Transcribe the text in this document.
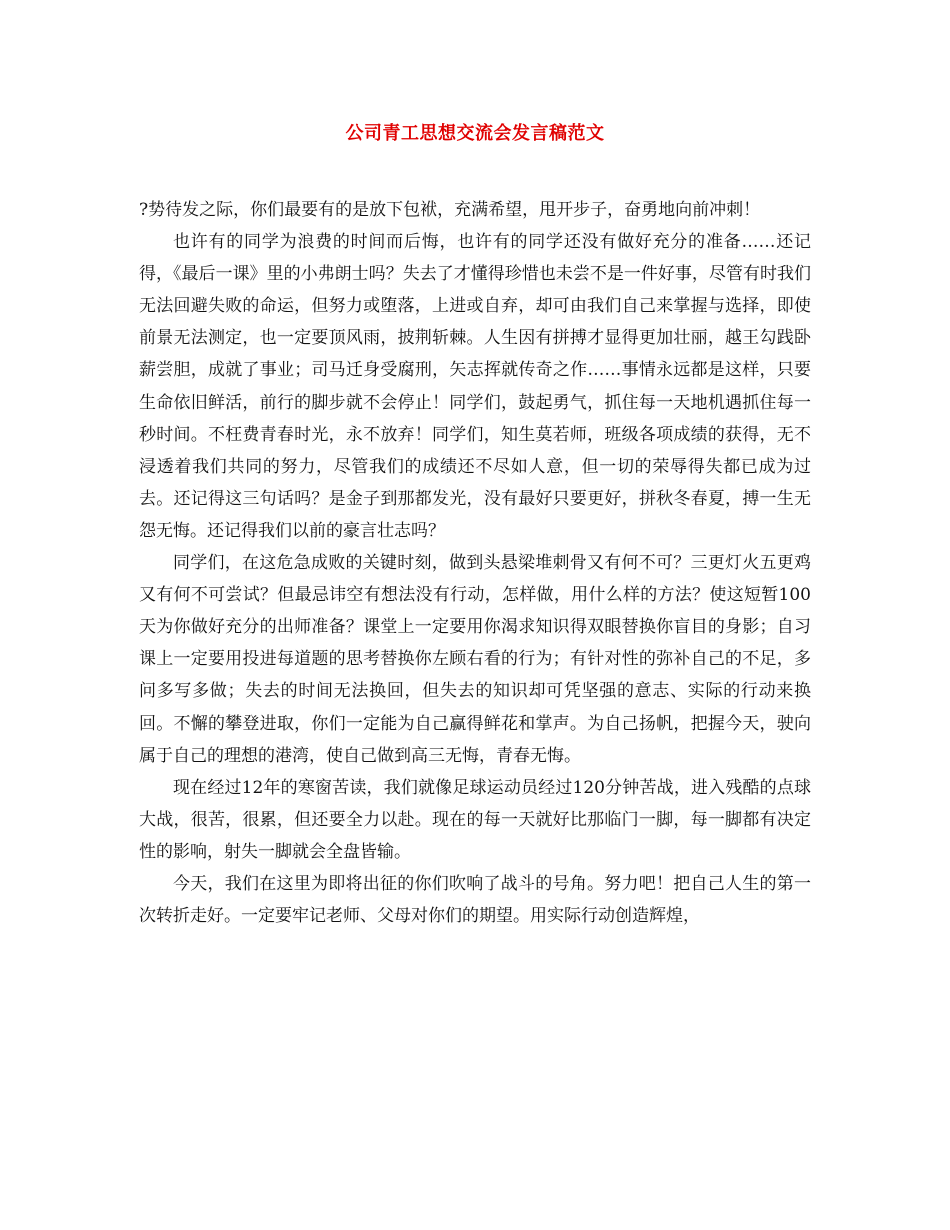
公司青工思想交流会发言稿范文

?势待发之际，你们最要有的是放下包袱，充满希望，甩开步子，奋勇地向前冲刺！

也许有的同学为浪费的时间而后悔，也许有的同学还没有做好充分的准备……还记得，《最后一课》里的小弗朗士吗？失去了才懂得珍惜也未尝不是一件好事，尽管有时我们无法回避失败的命运，但努力或堕落，上进或自弃，却可由我们自己来掌握与选择，即使前景无法测定，也一定要顶风雨，披荆斩棘。人生因有拼搏才显得更加壮丽，越王勾践卧薪尝胆，成就了事业；司马迁身受腐刑，矢志挥就传奇之作……事情永远都是这样，只要生命依旧鲜活，前行的脚步就不会停止！同学们，鼓起勇气，抓住每一天地机遇抓住每一秒时间。不枉费青春时光，永不放弃！同学们，知生莫若师，班级各项成绩的获得，无不浸透着我们共同的努力，尽管我们的成绩还不尽如人意，但一切的荣辱得失都已成为过去。还记得这三句话吗？是金子到那都发光，没有最好只要更好，拼秋冬春夏，搏一生无怨无悔。还记得我们以前的豪言壮志吗？

同学们，在这危急成败的关键时刻，做到头悬梁堆刺骨又有何不可？三更灯火五更鸡又有何不可尝试？但最忌讳空有想法没有行动，怎样做，用什么样的方法？使这短暂100天为你做好充分的出师准备？课堂上一定要用你渴求知识得双眼替换你盲目的身影；自习课上一定要用投进每道题的思考替换你左顾右看的行为；有针对性的弥补自己的不足，多问多写多做；失去的时间无法换回，但失去的知识却可凭坚强的意志、实际的行动来换回。不懈的攀登进取，你们一定能为自己赢得鲜花和掌声。为自己扬帆，把握今天，驶向属于自己的理想的港湾，使自己做到高三无悔，青春无悔。

现在经过12年的寒窗苦读，我们就像足球运动员经过120分钟苦战，进入残酷的点球大战，很苦，很累，但还要全力以赴。现在的每一天就好比那临门一脚，每一脚都有决定性的影响，射失一脚就会全盘皆输。

今天，我们在这里为即将出征的你们吹响了战斗的号角。努力吧！把自己人生的第一次转折走好。一定要牢记老师、父母对你们的期望。用实际行动创造辉煌，
